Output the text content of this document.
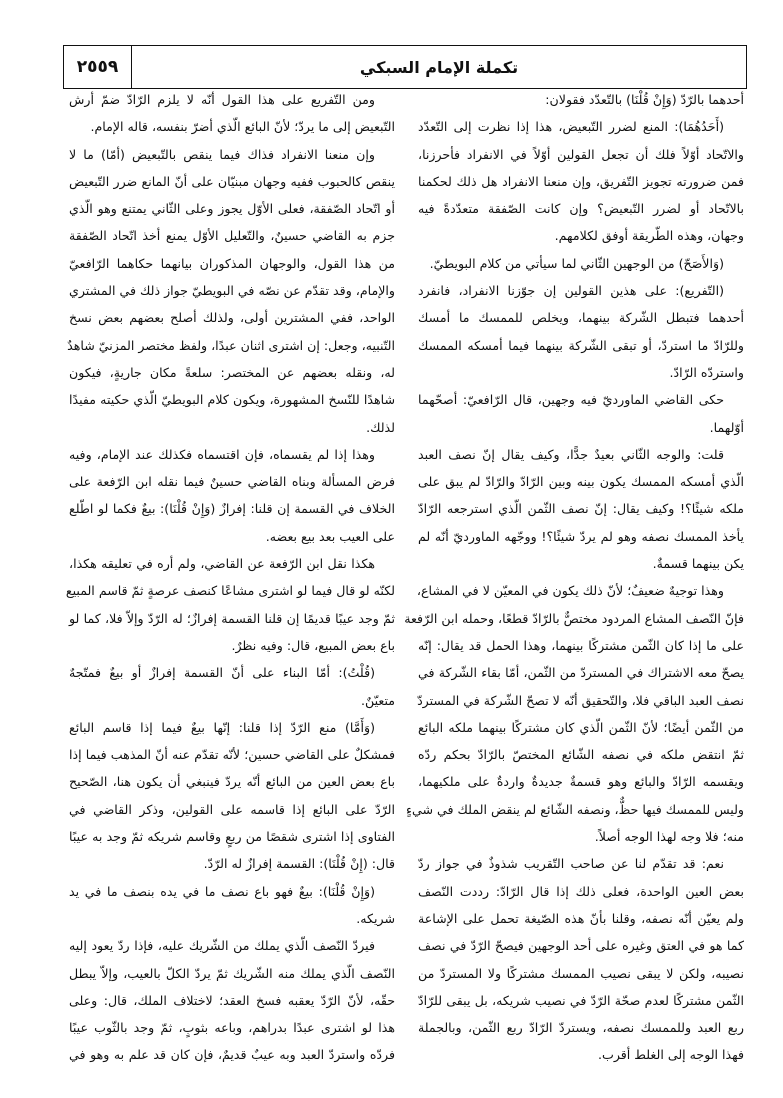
٢٥٥٩	تكملة الإمام السبكي
أحدهما بالرّدّ (وَإِنْ قُلْنَا) بالتّعدّد فقولان:
(أَحَدُهُمَا): المنع لضرر التّبعيض، هذا إذا نظرت إلى التّعدّد
والاتّحاد أوّلاً فلك أن تجعل القولين أوّلاً في الانفراد فأحرزنا،
فمن ضرورته تجويز التّفريق، وإن منعنا الانفراد هل ذلك لحكمنا
بالاتّحاد أو لضرر التّبعيض؟ وإن كانت الصّفقة متعدّدةً فيه
وجهان، وهذه الطّريقة أوفق لكلامهم.
(وَالأَصَحّ) من الوجهين الثّاني لما سيأتي من كلام البويطيّ.
(التّفريع): على هذين القولين إن جوّزنا الانفراد، فانفرد
أحدهما فتبطل الشّركة بينهما، ويخلص للممسك ما أمسك
وللرّادّ ما استردّ، أو تبقى الشّركة بينهما فيما أمسكه الممسك
واستردّه الرّادّ.
حكى القاضي الماورديّ فيه وجهين، قال الرّافعيّ: أصحّهما
أوّلهما.
قلت: والوجه الثّاني بعيدٌ جدًّا، وكيف يقال إنّ نصف العبد
الّذي أمسكه الممسك يكون بينه وبين الرّادّ والرّادّ لم يبق على
ملكه شيئًا؟! وكيف يقال: إنّ نصف الثّمن الّذي استرجعه الرّادّ
يأخذ الممسك نصفه وهو لم يردّ شيئًا؟! ووجّهه الماورديّ أنّه لم
يكن بينهما قسمةٌ.
وهذا توجيهٌ ضعيفٌ؛ لأنّ ذلك يكون في المعيّن لا في المشاع،
فإنّ النّصف المشاع المردود مختصٌّ بالرّادّ قطعًا، وحمله ابن الرّفعة
على ما إذا كان الثّمن مشتركًا بينهما، وهذا الحمل قد يقال: إنّه
يصحّ معه الاشتراك في المستردّ من الثّمن، أمّا بقاء الشّركة في
نصف العبد الباقي فلا، والتّحقيق أنّه لا تصحّ الشّركة في المستردّ
من الثّمن أيضًا؛ لأنّ الثّمن الّذي كان مشتركًا بينهما ملكه البائع
ثمّ انتقض ملكه في نصفه الشّائع المختصّ بالرّادّ بحكم ردّه
ويقسمه الرّادّ والبائع وهو قسمةٌ جديدةٌ واردةٌ على ملكيهما،
وليس للممسك فيها حظٌّ، ونصفه الشّائع لم ينقض الملك في شيءٍ
منه؛ فلا وجه لهذا الوجه أصلاً.
نعم: قد تقدّم لنا عن صاحب التّقريب شذوذٌ في جواز ردّ
بعض العين الواحدة، فعلى ذلك إذا قال الرّادّ: رددت النّصف
ولم يعيّن أنّه نصفه، وقلنا بأنّ هذه الصّيغة تحمل على الإشاعة
كما هو في العتق وغيره على أحد الوجهين فيصحّ الرّدّ في نصف
نصيبه، ولكن لا يبقى نصيب الممسك مشتركًا ولا المستردّ من
الثّمن مشتركًا لعدم صحّة الرّدّ في نصيب شريكه، بل يبقى للرّادّ
ربع العبد وللممسك نصفه، ويستردّ الرّادّ ربع الثّمن، وبالجملة
فهذا الوجه إلى الغلط أقرب.
ومن التّفريع على هذا القول أنّه لا يلزم الرّادّ ضمّ أرش
التّبعيض إلى ما يردّ؛ لأنّ البائع الّذي أضرّ بنفسه، قاله الإمام.
وإن منعنا الانفراد فذاك فيما ينقص بالتّبعيض (أمّا) ما لا
ينقص كالحبوب ففيه وجهان مبنيّان على أنّ المانع ضرر التّبعيض
أو اتّحاد الصّفقة، فعلى الأوّل يجوز وعلى الثّاني يمتنع وهو الّذي
جزم به القاضي حسينٌ، والتّعليل الأوّل يمنع أخذ اتّحاد الصّفقة
من هذا القول، والوجهان المذكوران بيانهما حكاهما الرّافعيّ
والإمام، وقد تقدّم عن نصّه في البويطيّ جواز ذلك في المشتري
الواحد، ففي المشترين أولى، ولذلك أصلح بعضهم بعض نسخ
التّنبيه، وجعل: إن اشترى اثنان عبدًا، ولفظ مختصر المزنيّ شاهدٌ
له، ونقله بعضهم عن المختصر: سلعةً مكان جاريةٍ، فيكون
شاهدًا للنّسخ المشهورة، ويكون كلام البويطيّ الّذي حكيته مفيدًا
لذلك.
وهذا إذا لم يقسماه، فإن اقتسماه فكذلك عند الإمام، وفيه
فرض المسألة وبناه القاضي حسينٌ فيما نقله ابن الرّفعة على
الخلاف في القسمة إن قلنا: إفرازٌ (وَإِنْ قُلْنَا): بيعٌ فكما لو اطّلع
على العيب بعد بيع بعضه.
هكذا نقل ابن الرّفعة عن القاضي، ولم أره في تعليقه هكذا،
لكنّه لو قال فيما لو اشترى مشاعًا كنصف عرصةٍ ثمّ قاسم المبيع
ثمّ وجد عيبًا قديمًا إن قلنا القسمة إفرازٌ؛ له الرّدّ وإلاّ فلا، كما لو
باع بعض المبيع، قال: وفيه نظرٌ.
(قُلْتُ): أمّا البناء على أنّ القسمة إفرازٌ أو بيعٌ فمتّجهٌ
متعيّنٌ.
(وَأَمَّا) منع الرّدّ إذا قلنا: إنّها بيعٌ فيما إذا قاسم البائع
فمشكلٌ على القاضي حسين؛ لأنّه تقدّم عنه أنّ المذهب فيما إذا
باع بعض العين من البائع أنّه يردّ فينبغي أن يكون هنا، الصّحيح
الرّدّ على البائع إذا قاسمه على القولين، وذكر القاضي في
الفتاوى إذا اشترى شقصًا من ربعٍ وقاسم شريكه ثمّ وجد به عيبًا
قال: (إِنْ قُلْنَا): القسمة إفرازٌ له الرّدّ.
(وَإِنْ قُلْنَا): بيعٌ فهو باع نصف ما في يده بنصف ما في يد
شريكه.
فيردّ النّصف الّذي يملك من الشّريك عليه، فإذا ردّ يعود إليه
النّصف الّذي يملك منه الشّريك ثمّ يردّ الكلّ بالعيب، وإلاّ يبطل
حقّه، لأنّ الرّدّ يعقبه فسخ العقد؛ لاختلاف الملك، قال: وعلى
هذا لو اشترى عبدًا بدراهم، وباعه بثوبٍ، ثمّ وجد بالثّوب عيبًا
فردّه واستردّ العبد وبه عيبٌ قديمٌ، فإن كان قد علم به وهو في
